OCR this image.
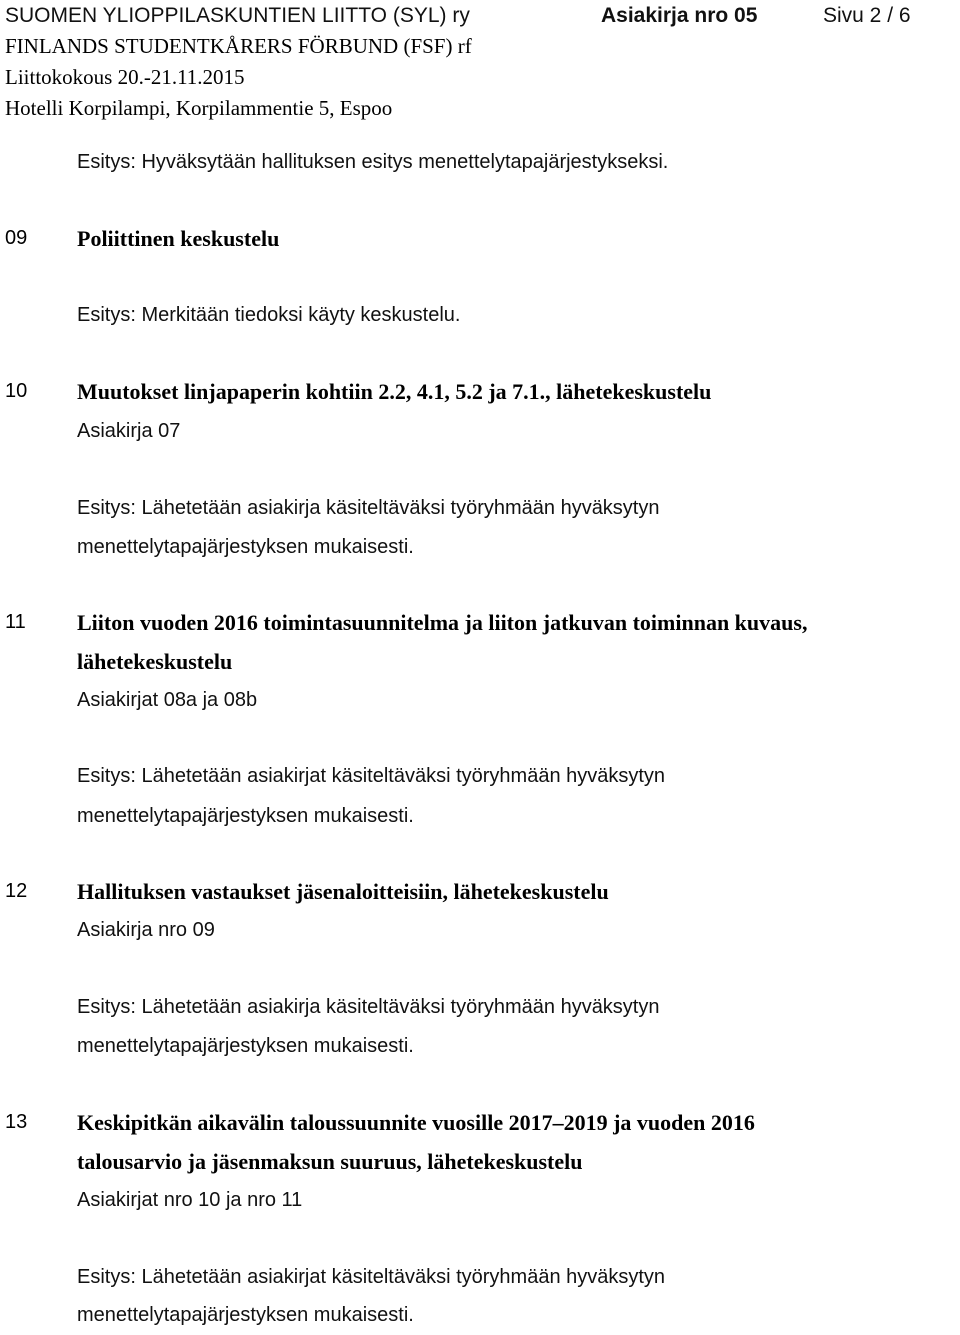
SUOMEN YLIOPPILASKUNTIEN LIITTO (SYL) ry	Asiakirja nro 05	Sivu 2 / 6
FINLANDS STUDENTKÅRERS FÖRBUND (FSF) rf
Liittokokous 20.-21.11.2015
Hotelli Korpilampi, Korpilammentie 5, Espoo
Esitys: Hyväksytään hallituksen esitys menettelytapajärjestykseksi.
09 Poliittinen keskustelu
Esitys: Merkitään tiedoksi käyty keskustelu.
10 Muutokset linjapaperin kohtiin 2.2, 4.1, 5.2 ja 7.1., lähetekeskustelu
Asiakirja 07
Esitys: Lähetetään asiakirja käsiteltäväksi työryhmään hyväksytyn
menettelytapajärjestyksen mukaisesti.
11 Liiton vuoden 2016 toimintasuunnitelma ja liiton jatkuvan toiminnan kuvaus,
lähetekeskustelu
Asiakirjat 08a ja 08b
Esitys: Lähetetään asiakirjat käsiteltäväksi työryhmään hyväksytyn
menettelytapajärjestyksen mukaisesti.
12 Hallituksen vastaukset jäsenaloitteisiin, lähetekeskustelu
Asiakirja nro 09
Esitys: Lähetetään asiakirja käsiteltäväksi työryhmään hyväksytyn
menettelytapajärjestyksen mukaisesti.
13 Keskipitkän aikavälin taloussuunnite vuosille 2017–2019 ja vuoden 2016
talousarvio ja jäsenmaksun suuruus, lähetekeskustelu
Asiakirjat nro 10 ja nro 11
Esitys: Lähetetään asiakirjat käsiteltäväksi työryhmään hyväksytyn
menettelytapajärjestyksen mukaisesti.
